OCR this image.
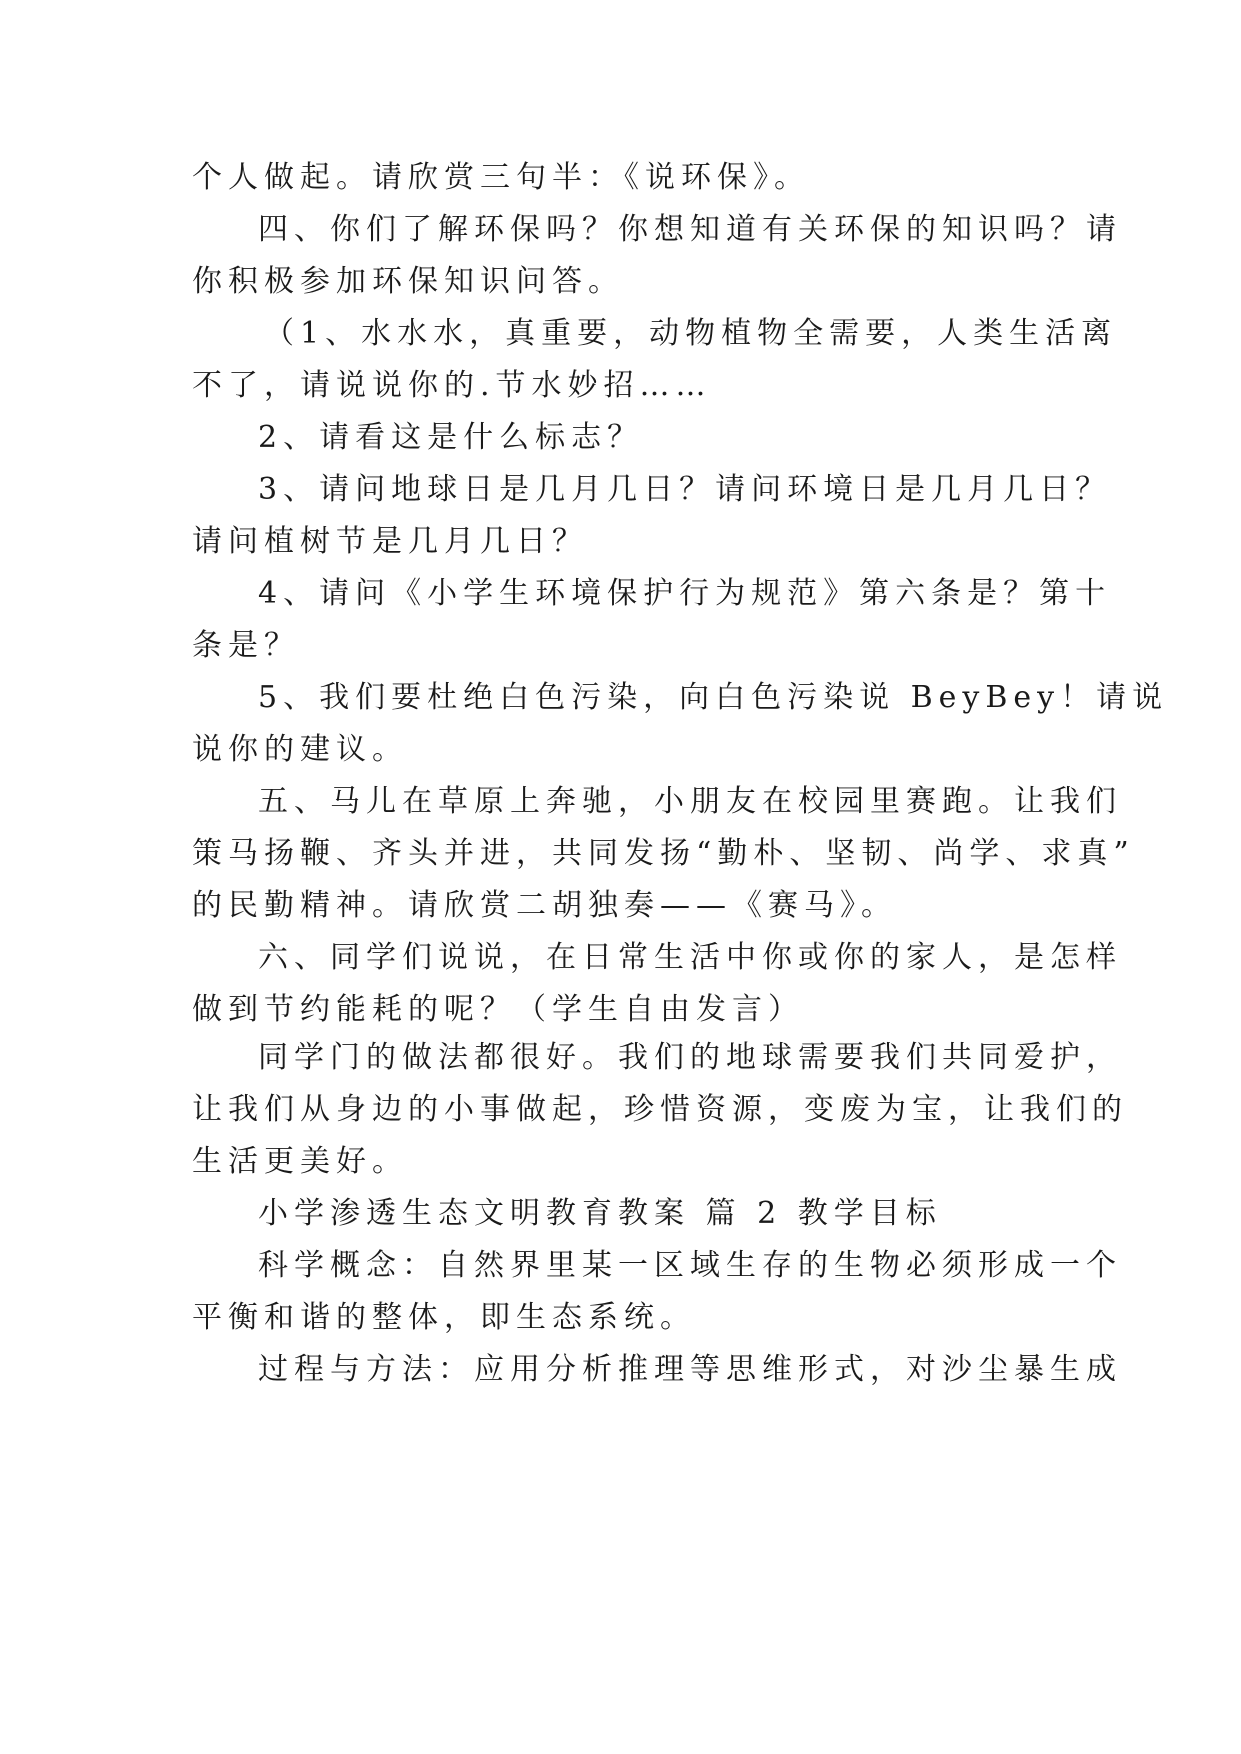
个人做起。请欣赏三句半：《说环保》。
四、你们了解环保吗？你想知道有关环保的知识吗？请
你积极参加环保知识问答。
（1、水水水，真重要，动物植物全需要，人类生活离
不了，请说说你的.节水妙招……
2、请看这是什么标志？
3、请问地球日是几月几日？请问环境日是几月几日？
请问植树节是几月几日？
4、请问《小学生环境保护行为规范》第六条是？第十
条是？
5、我们要杜绝白色污染，向白色污染说 BeyBey！请说
说你的建议。
五、马儿在草原上奔驰，小朋友在校园里赛跑。让我们
策马扬鞭、齐头并进，共同发扬“勤朴、坚韧、尚学、求真”
的民勤精神。请欣赏二胡独奏——《赛马》。
六、同学们说说，在日常生活中你或你的家人，是怎样
做到节约能耗的呢？（学生自由发言）
同学门的做法都很好。我们的地球需要我们共同爱护，
让我们从身边的小事做起，珍惜资源，变废为宝，让我们的
生活更美好。
小学渗透生态文明教育教案 篇 2 教学目标
科学概念：自然界里某一区域生存的生物必须形成一个
平衡和谐的整体，即生态系统。
过程与方法：应用分析推理等思维形式，对沙尘暴生成
